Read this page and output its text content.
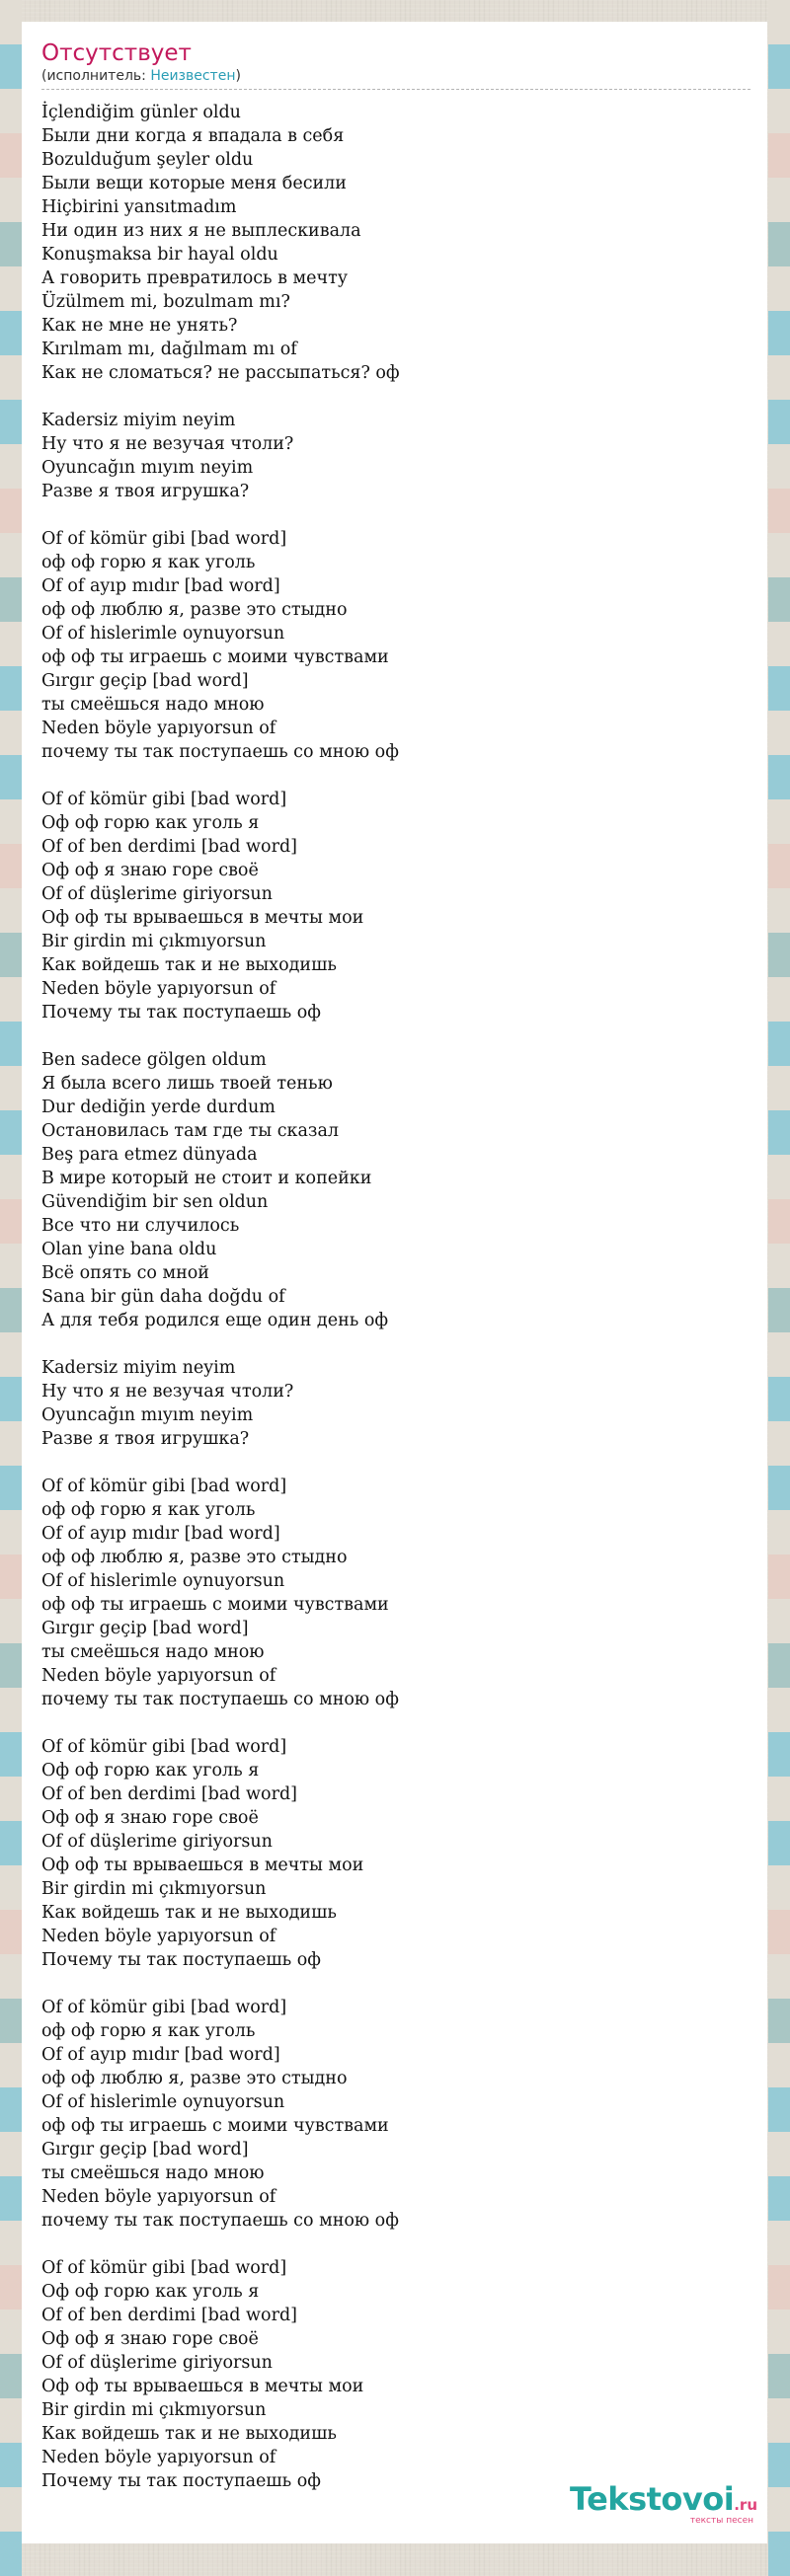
Отсутствует
(исполнитель: Неизвестен)
İçlendiğim günler oldu
Были дни когда я впадала в себя
Bozulduğum şeyler oldu
Были вещи которые меня бесили
Hiçbirini yansıtmadım
Ни один из них я не выплескивала
Konuşmaksa bir hayal oldu
А говорить превратилось в мечту
Üzülmem mi, bozulmam mı?
Как не мне не унять?
Kırılmam mı, dağılmam mı of
Как не сломаться? не рассыпаться? оф
Kadersiz miyim neyim
Ну что я не везучая чтоли?
Oyuncağın mıyım neyim
Разве я твоя игрушка?
Of of kömür gibi [bad word]
оф оф горю я как уголь
Of of ayıp mıdır [bad word]
оф оф люблю я, разве это стыдно
Of of hislerimle oynuyorsun
оф оф ты играешь с моими чувствами
Gırgır geçip [bad word]
ты смеёшься надо мною
Neden böyle yapıyorsun of
почему ты так поступаешь со мною оф
Of of kömür gibi [bad word]
Оф оф горю как уголь я
Of of ben derdimi [bad word]
Оф оф я знаю горе своё
Of of düşlerime giriyorsun
Оф оф ты врываешься в мечты мои
Bir girdin mi çıkmıyorsun
Как войдешь так и не выходишь
Neden böyle yapıyorsun of
Почему ты так поступаешь оф
Ben sadece gölgen oldum
Я была всего лишь твоей тенью
Dur dediğin yerde durdum
Остановилась там где ты сказал
Beş para etmez dünyada
В мире который не стоит и копейки
Güvendiğim bir sen oldun
Все что ни случилось
Olan yine bana oldu
Всё опять со мной
Sana bir gün daha doğdu of
А для тебя родился еще один день оф
Kadersiz miyim neyim
Ну что я не везучая чтоли?
Oyuncağın mıyım neyim
Разве я твоя игрушка?
Of of kömür gibi [bad word]
оф оф горю я как уголь
Of of ayıp mıdır [bad word]
оф оф люблю я, разве это стыдно
Of of hislerimle oynuyorsun
оф оф ты играешь с моими чувствами
Gırgır geçip [bad word]
ты смеёшься надо мною
Neden böyle yapıyorsun of
почему ты так поступаешь со мною оф
Of of kömür gibi [bad word]
Оф оф горю как уголь я
Of of ben derdimi [bad word]
Оф оф я знаю горе своё
Of of düşlerime giriyorsun
Оф оф ты врываешься в мечты мои
Bir girdin mi çıkmıyorsun
Как войдешь так и не выходишь
Neden böyle yapıyorsun of
Почему ты так поступаешь оф
Of of kömür gibi [bad word]
оф оф горю я как уголь
Of of ayıp mıdır [bad word]
оф оф люблю я, разве это стыдно
Of of hislerimle oynuyorsun
оф оф ты играешь с моими чувствами
Gırgır geçip [bad word]
ты смеёшься надо мною
Neden böyle yapıyorsun of
почему ты так поступаешь со мною оф
Of of kömür gibi [bad word]
Оф оф горю как уголь я
Of of ben derdimi [bad word]
Оф оф я знаю горе своё
Of of düşlerime giriyorsun
Оф оф ты врываешься в мечты мои
Bir girdin mi çıkmıyorsun
Как войдешь так и не выходишь
Neden böyle yapıyorsun of
Почему ты так поступаешь оф	Tekstovoi.ru
тексты песен
